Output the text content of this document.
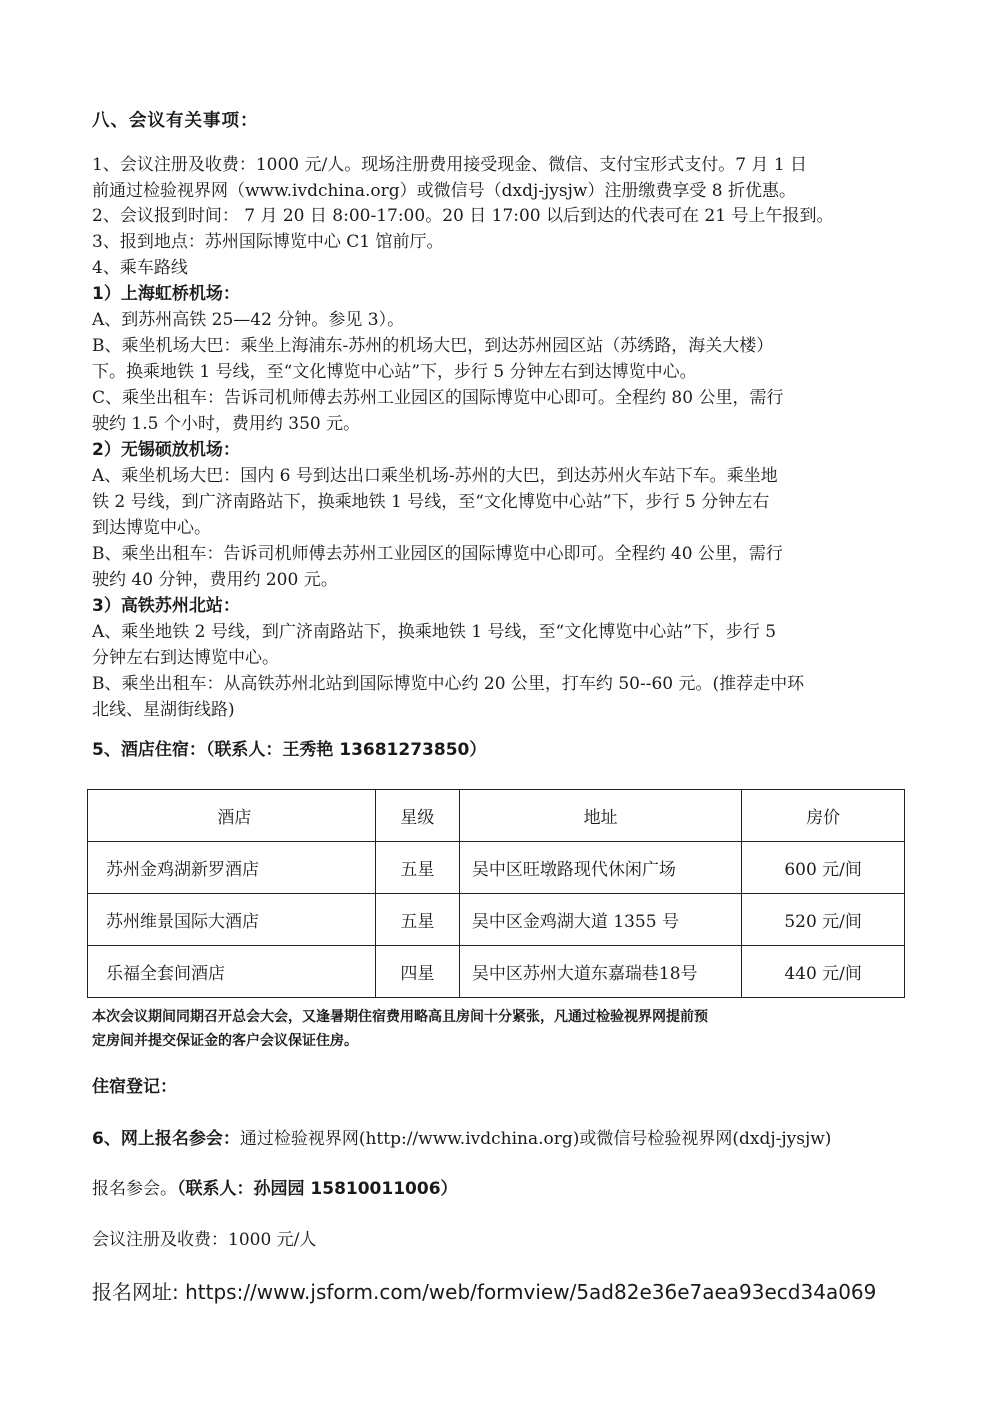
八、会议有关事项：
1、会议注册及收费：1000 元/人。现场注册费用接受现金、微信、支付宝形式支付。7 月 1 日
前通过检验视界网（www.ivdchina.org）或微信号（dxdj-jysjw）注册缴费享受 8 折优惠。
2、会议报到时间： 7 月 20 日 8:00-17:00。20 日 17:00 以后到达的代表可在 21 号上午报到。
3、报到地点：苏州国际博览中心 C1 馆前厅。
4、乘车路线
1）上海虹桥机场：
A、到苏州高铁 25—42 分钟。参见 3）。
B、乘坐机场大巴：乘坐上海浦东-苏州的机场大巴，到达苏州园区站（苏绣路，海关大楼）
下。换乘地铁 1 号线，至“文化博览中心站”下，步行 5 分钟左右到达博览中心。
C、乘坐出租车：告诉司机师傅去苏州工业园区的国际博览中心即可。全程约 80 公里，需行
驶约 1.5 个小时，费用约 350 元。
2）无锡硕放机场：
A、乘坐机场大巴：国内 6 号到达出口乘坐机场-苏州的大巴，到达苏州火车站下车。乘坐地
铁 2 号线，到广济南路站下，换乘地铁 1 号线，至“文化博览中心站”下，步行 5 分钟左右
到达博览中心。
B、乘坐出租车：告诉司机师傅去苏州工业园区的国际博览中心即可。全程约 40 公里，需行
驶约 40 分钟，费用约 200 元。
3）高铁苏州北站：
A、乘坐地铁 2 号线，到广济南路站下，换乘地铁 1 号线，至“文化博览中心站”下，步行 5
分钟左右到达博览中心。
B、乘坐出租车：从高铁苏州北站到国际博览中心约 20 公里，打车约 50--60 元。(推荐走中环
北线、星湖街线路)
5、酒店住宿：（联系人：王秀艳 13681273850）
酒店	星级	地址	房价
苏州金鸡湖新罗酒店	五星	吴中区旺墩路现代休闲广场	600 元/间
苏州维景国际大酒店	五星	吴中区金鸡湖大道 1355 号	520 元/间
乐福全套间酒店	四星	吴中区苏州大道东嘉瑞巷18号	440 元/间
本次会议期间同期召开总会大会，又逢暑期住宿费用略高且房间十分紧张，凡通过检验视界网提前预
定房间并提交保证金的客户会议保证住房。
住宿登记：
6、网上报名参会：通过检验视界网(http://www.ivdchina.org)或微信号检验视界网(dxdj-jysjw)
报名参会。（联系人：孙园园 15810011006）
会议注册及收费：1000 元/人
报名网址: https://www.jsform.com/web/formview/5ad82e36e7aea93ecd34a069
